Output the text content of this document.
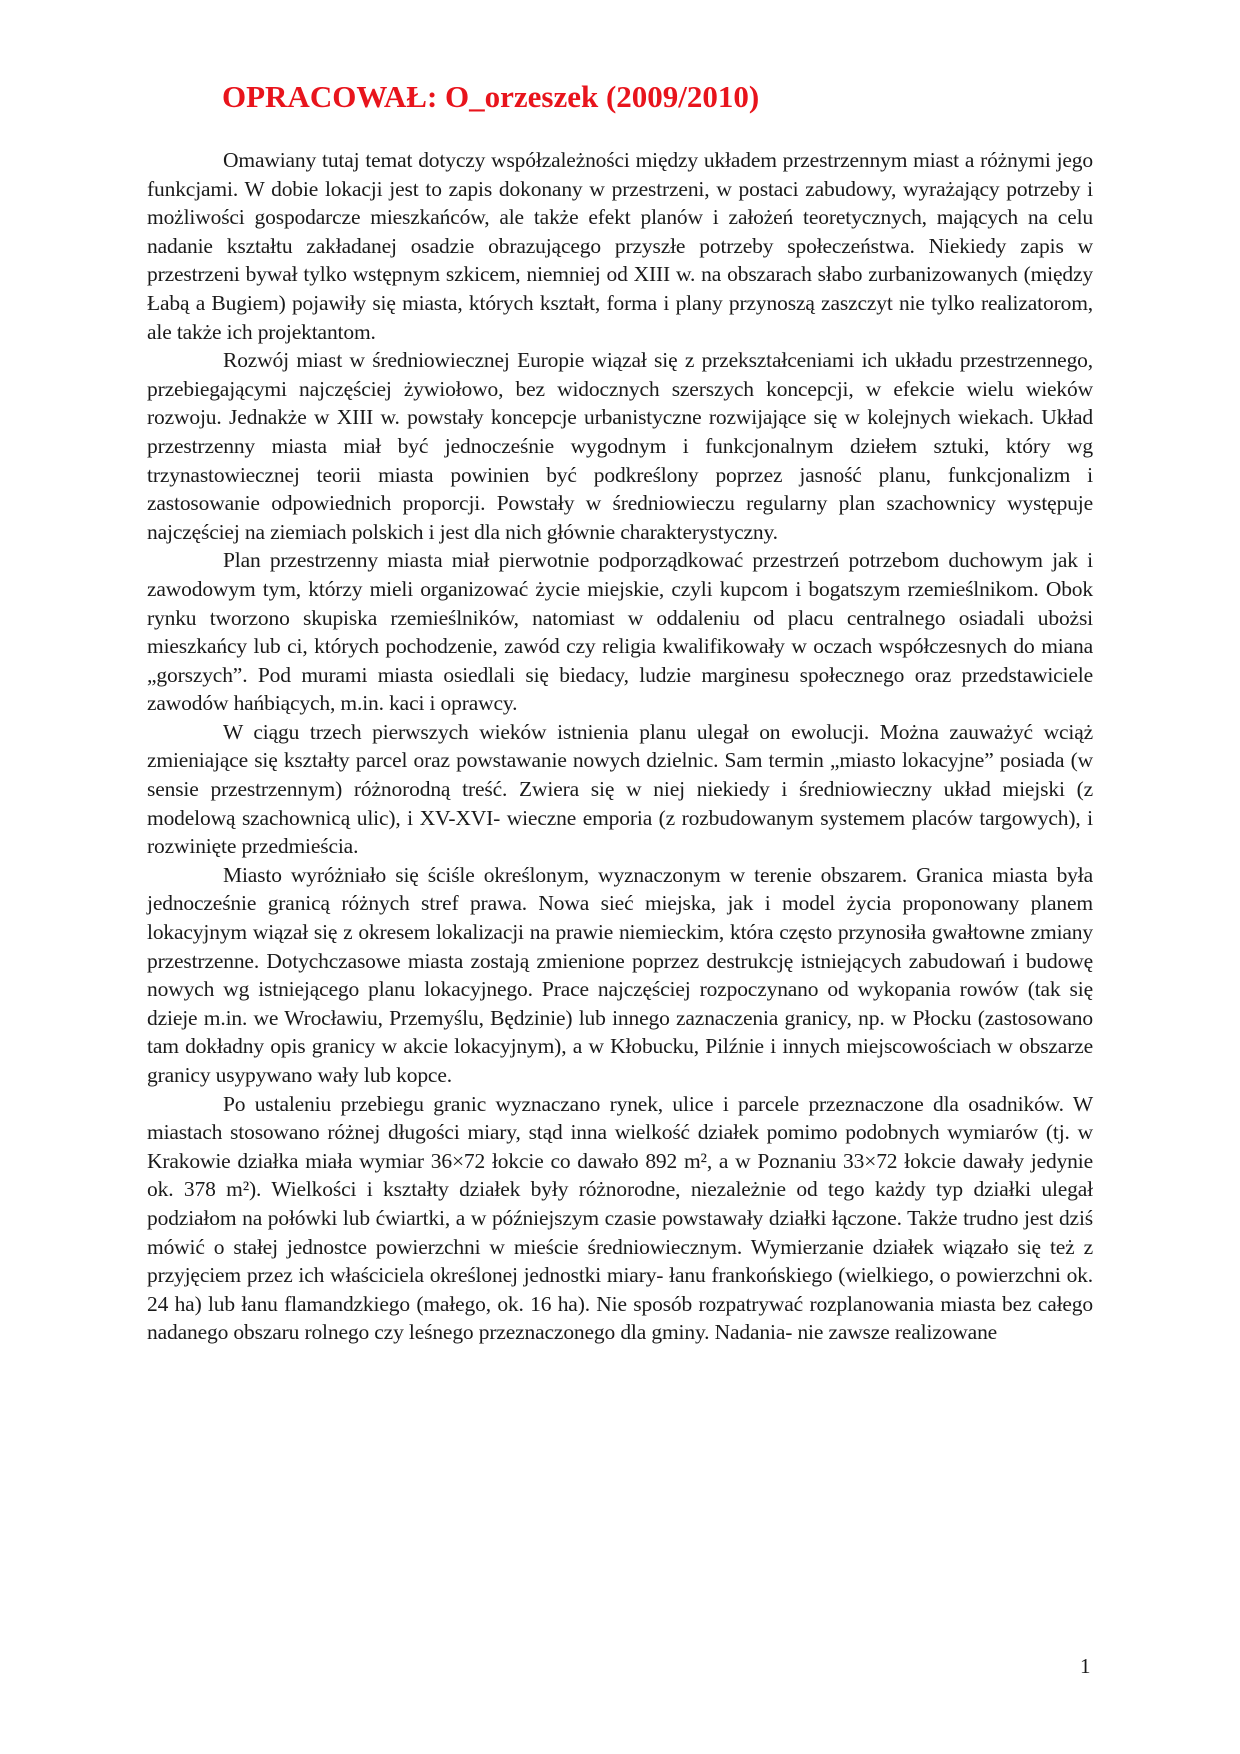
OPRACOWAŁ: O_orzeszek (2009/2010)

Omawiany tutaj temat dotyczy współzależności między układem przestrzennym miast a różnymi jego funkcjami. W dobie lokacji jest to zapis dokonany w przestrzeni, w postaci zabudowy, wyrażający potrzeby i możliwości gospodarcze mieszkańców, ale także efekt planów i założeń teoretycznych, mających na celu nadanie kształtu zakładanej osadzie obrazującego przyszłe potrzeby społeczeństwa. Niekiedy zapis w przestrzeni bywał tylko wstępnym szkicem, niemniej od XIII w. na obszarach słabo zurbanizowanych (między Łabą a Bugiem) pojawiły się miasta, których kształt, forma i plany przynoszą zaszczyt nie tylko realizatorom, ale także ich projektantom.

Rozwój miast w średniowiecznej Europie wiązał się z przekształceniami ich układu przestrzennego, przebiegającymi najczęściej żywiołowo, bez widocznych szerszych koncepcji, w efekcie wielu wieków rozwoju. Jednakże w XIII w. powstały koncepcje urbanistyczne rozwijające się w kolejnych wiekach. Układ przestrzenny miasta miał być jednocześnie wygodnym i funkcjonalnym dziełem sztuki, który wg trzynastowiecznej teorii miasta powinien być podkreślony poprzez jasność planu, funkcjonalizm i zastosowanie odpowiednich proporcji. Powstały w średniowieczu regularny plan szachownicy występuje najczęściej na ziemiach polskich i jest dla nich głównie charakterystyczny.

Plan przestrzenny miasta miał pierwotnie podporządkować przestrzeń potrzebom duchowym jak i zawodowym tym, którzy mieli organizować życie miejskie, czyli kupcom i bogatszym rzemieślnikom. Obok rynku tworzono skupiska rzemieślników, natomiast w oddaleniu od placu centralnego osiadali ubożsi mieszkańcy lub ci, których pochodzenie, zawód czy religia kwalifikowały w oczach współczesnych do miana „gorszych”. Pod murami miasta osiedlali się biedacy, ludzie marginesu społecznego oraz przedstawiciele zawodów hańbiących, m.in. kaci i oprawcy.

W ciągu trzech pierwszych wieków istnienia planu ulegał on ewolucji. Można zauważyć wciąż zmieniające się kształty parcel oraz powstawanie nowych dzielnic. Sam termin „miasto lokacyjne” posiada (w sensie przestrzennym) różnorodną treść. Zwiera się w niej niekiedy i średniowieczny układ miejski (z modelową szachownicą ulic), i XV-XVI- wieczne emporia (z rozbudowanym systemem placów targowych), i rozwinięte przedmieścia.

Miasto wyróżniało się ściśle określonym, wyznaczonym w terenie obszarem. Granica miasta była jednocześnie granicą różnych stref prawa. Nowa sieć miejska, jak i model życia proponowany planem lokacyjnym wiązał się z okresem lokalizacji na prawie niemieckim, która często przynosiła gwałtowne zmiany przestrzenne. Dotychczasowe miasta zostają zmienione poprzez destrukcję istniejących zabudowań i budowę nowych wg istniejącego planu lokacyjnego. Prace najczęściej rozpoczynano od wykopania rowów (tak się dzieje m.in. we Wrocławiu, Przemyślu, Będzinie) lub innego zaznaczenia granicy, np. w Płocku (zastosowano tam dokładny opis granicy w akcie lokacyjnym), a w Kłobucku, Pilźnie i innych miejscowościach w obszarze granicy usypywano wały lub kopce.

Po ustaleniu przebiegu granic wyznaczano rynek, ulice i parcele przeznaczone dla osadników. W miastach stosowano różnej długości miary, stąd inna wielkość działek pomimo podobnych wymiarów (tj. w Krakowie działka miała wymiar 36×72 łokcie co dawało 892 m², a w Poznaniu 33×72 łokcie dawały jedynie ok. 378 m²). Wielkości i kształty działek były różnorodne, niezależnie od tego każdy typ działki ulegał podziałom na połówki lub ćwiartki, a w późniejszym czasie powstawały działki łączone. Także trudno jest dziś mówić o stałej jednostce powierzchni w mieście średniowiecznym. Wymierzanie działek wiązało się też z przyjęciem przez ich właściciela określonej jednostki miary- łanu frankońskiego (wielkiego, o powierzchni ok. 24 ha) lub łanu flamandzkiego (małego, ok. 16 ha). Nie sposób rozpatrywać rozplanowania miasta bez całego nadanego obszaru rolnego czy leśnego przeznaczonego dla gminy. Nadania- nie zawsze realizowane

1
